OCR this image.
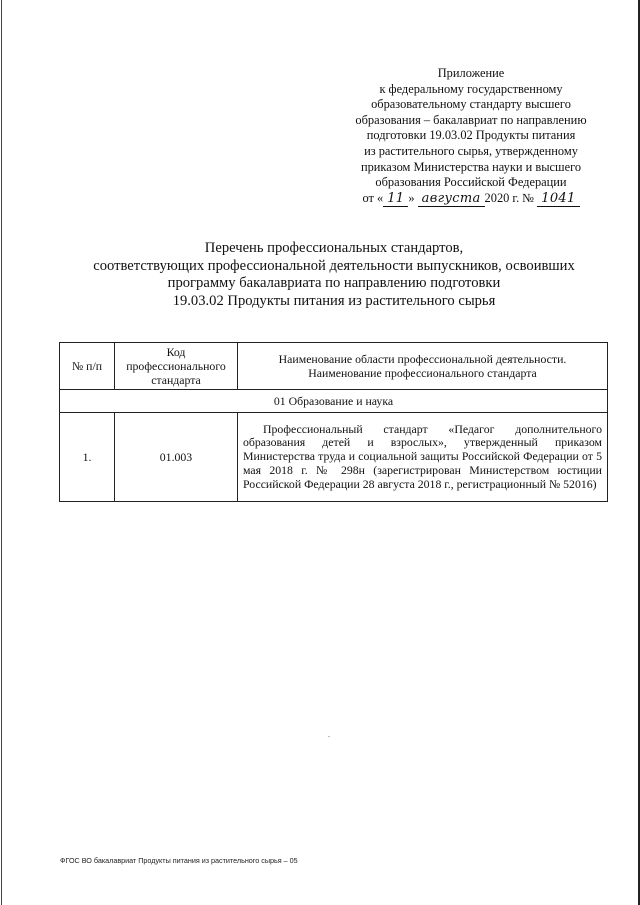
Приложение
к федеральному государственному
образовательному стандарту высшего
образования – бакалавриат по направлению
подготовки 19.03.02 Продукты питания
из растительного сырья, утвержденному
приказом Министерства науки и высшего
образования Российской Федерации
от « 11 » августа 2020 г. № 1041
Перечень профессиональных стандартов,
соответствующих профессиональной деятельности выпускников, освоивших
программу бакалавриата по направлению подготовки
19.03.02 Продукты питания из растительного сырья
№ п/п	Код профессионального стандарта	Наименование области профессиональной деятельности.
Наименование профессионального стандарта

01 Образование и наука		
1.	01.003	Профессиональный стандарт «Педагог дополнительного образования детей и взрослых», утвержденный приказом Министерства труда и социальной защиты Российской Федерации от 5 мая 2018 г. № 298н (зарегистрирован Министерством юстиции Российской Федерации 28 августа 2018 г., регистрационный № 52016)
ФГОС ВО бакалавриат Продукты питания из растительного сырья – 05
